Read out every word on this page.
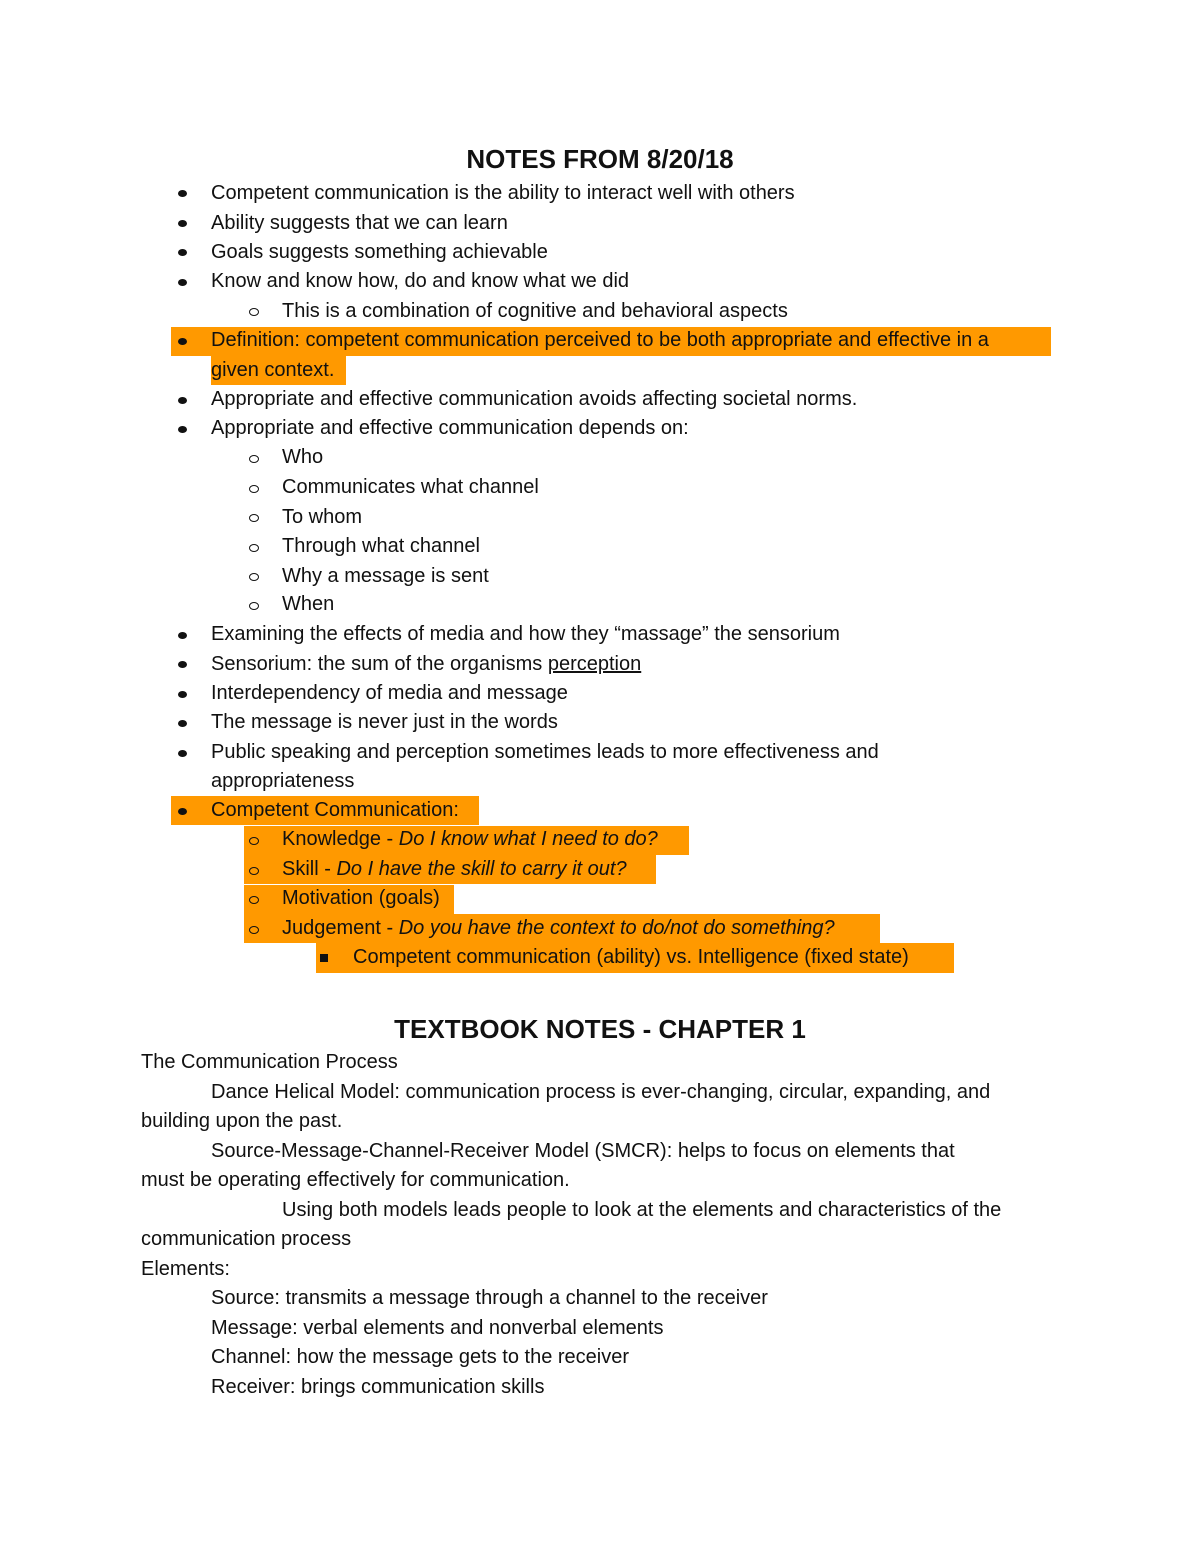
NOTES FROM 8/20/18
Competent communication is the ability to interact well with others
Ability suggests that we can learn
Goals suggests something achievable
Know and know how, do and know what we did
This is a combination of cognitive and behavioral aspects
Definition: competent communication perceived to be both appropriate and effective in a
given context.
Appropriate and effective communication avoids affecting societal norms.
Appropriate and effective communication depends on:
Who
Communicates what channel
To whom
Through what channel
Why a message is sent
When
Examining the effects of media and how they “massage” the sensorium
Sensorium: the sum of the organisms perception
Interdependency of media and message
The message is never just in the words
Public speaking and perception sometimes leads to more effectiveness and
appropriateness
Competent Communication:
Knowledge - Do I know what I need to do?
Skill - Do I have the skill to carry it out?
Motivation (goals)
Judgement - Do you have the context to do/not do something?
Competent communication (ability) vs. Intelligence (fixed state)
TEXTBOOK NOTES - CHAPTER 1
The Communication Process
Dance Helical Model: communication process is ever-changing, circular, expanding, and
building upon the past.
Source-Message-Channel-Receiver Model (SMCR): helps to focus on elements that
must be operating effectively for communication.
Using both models leads people to look at the elements and characteristics of the
communication process
Elements:
Source: transmits a message through a channel to the receiver
Message: verbal elements and nonverbal elements
Channel: how the message gets to the receiver
Receiver: brings communication skills
